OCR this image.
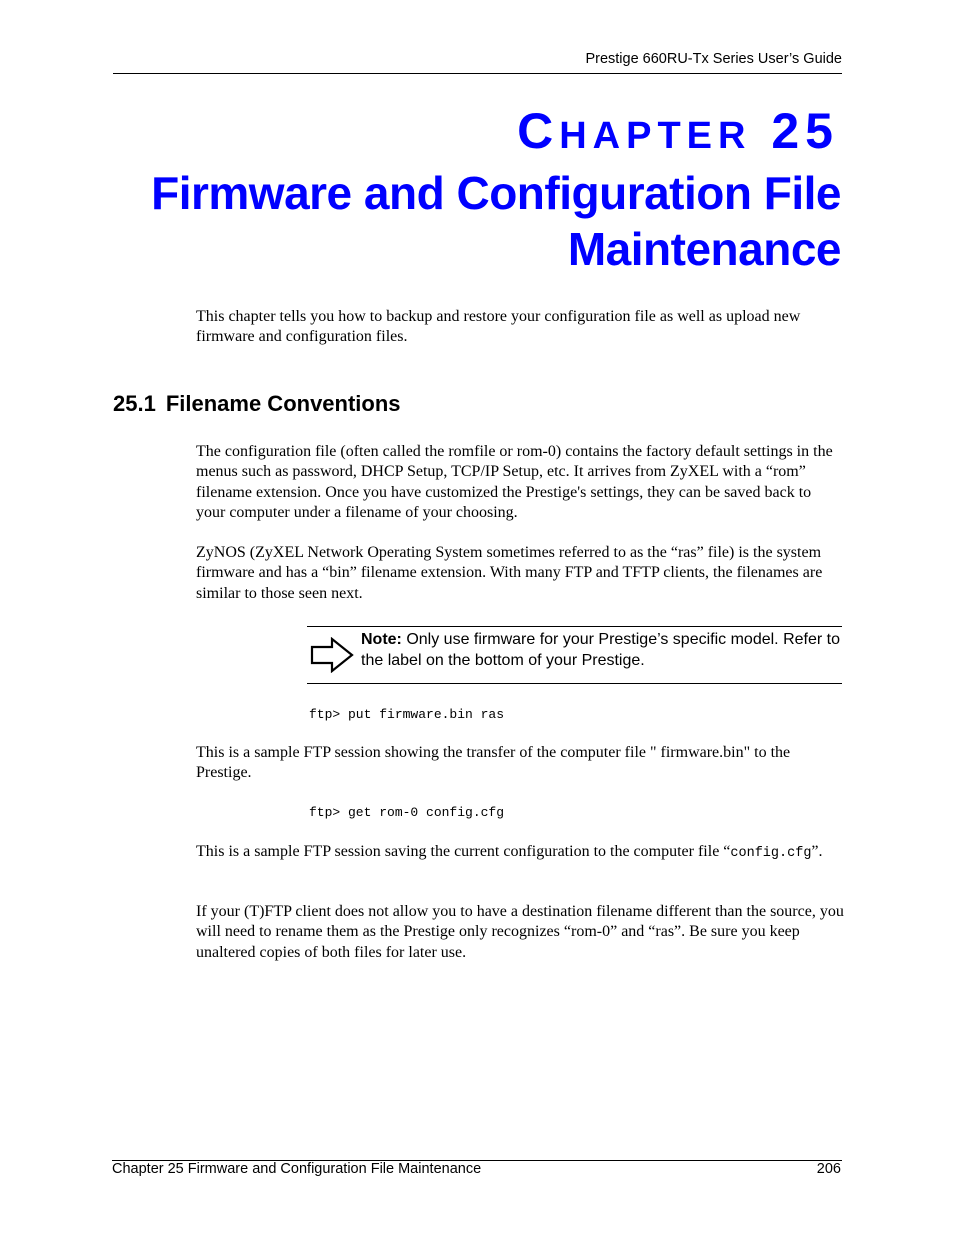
Prestige 660RU-Tx Series User’s Guide

CHAPTER 25
Firmware and Configuration File Maintenance

This chapter tells you how to backup and restore your configuration file as well as upload new firmware and configuration files.

25.1 Filename Conventions

The configuration file (often called the romfile or rom-0) contains the factory default settings in the menus such as password, DHCP Setup, TCP/IP Setup, etc. It arrives from ZyXEL with a “rom” filename extension. Once you have customized the Prestige's settings, they can be saved back to your computer under a filename of your choosing.

ZyNOS (ZyXEL Network Operating System sometimes referred to as the “ras” file) is the system firmware and has a “bin” filename extension. With many FTP and TFTP clients, the filenames are similar to those seen next.

Note: Only use firmware for your Prestige’s specific model. Refer to the label on the bottom of your Prestige.

ftp> put firmware.bin ras

This is a sample FTP session showing the transfer of the computer file " firmware.bin" to the Prestige.

ftp> get rom-0 config.cfg

This is a sample FTP session saving the current configuration to the computer file “config.cfg”.

If your (T)FTP client does not allow you to have a destination filename different than the source, you will need to rename them as the Prestige only recognizes “rom-0” and “ras”. Be sure you keep unaltered copies of both files for later use.

Chapter 25 Firmware and Configuration File Maintenance	206
